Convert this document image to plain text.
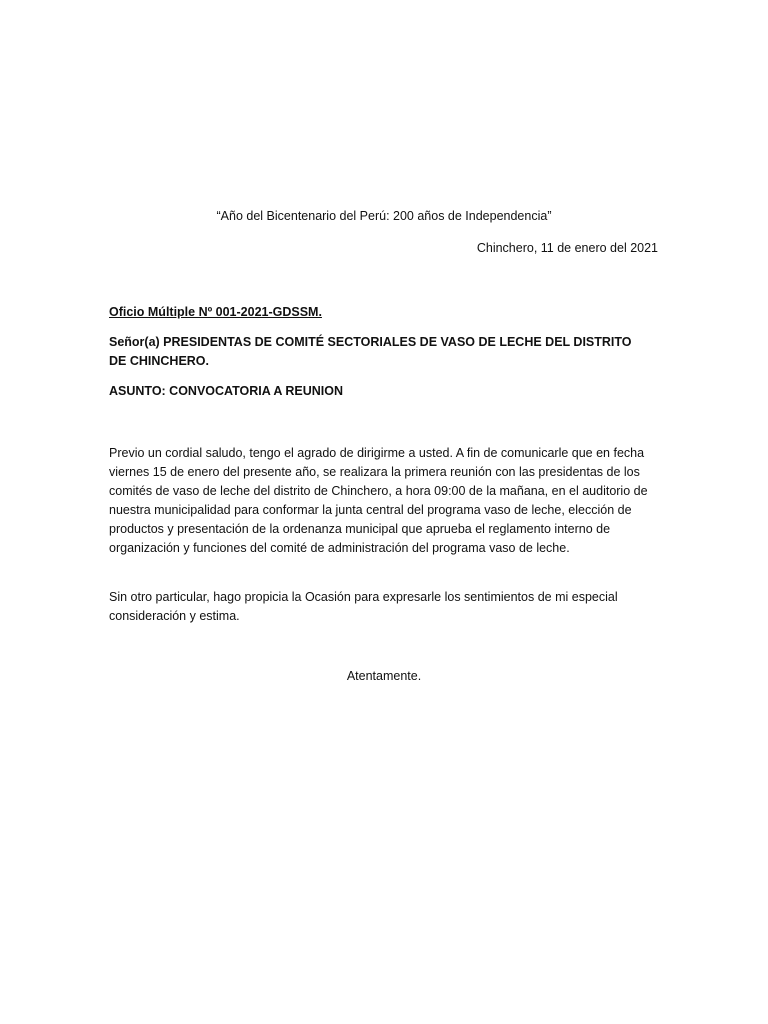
“Año del Bicentenario del Perú: 200 años de Independencia”
Chinchero, 11 de enero del 2021
Oficio Múltiple Nº 001-2021-GDSSM.
Señor(a) PRESIDENTAS DE COMITÉ SECTORIALES DE VASO DE LECHE DEL DISTRITO DE CHINCHERO.
ASUNTO: CONVOCATORIA A REUNION
Previo un cordial saludo, tengo el agrado de dirigirme a usted. A fin de comunicarle que en fecha viernes 15 de enero del presente año, se realizara la primera reunión con las presidentas de los comités de vaso de leche del distrito de Chinchero, a hora 09:00 de la mañana, en el auditorio de nuestra municipalidad para conformar la junta central del programa vaso de leche, elección de productos y presentación de la ordenanza municipal que aprueba el reglamento interno de organización y funciones del comité de administración del programa vaso de leche.
Sin otro particular, hago propicia la Ocasión para expresarle los sentimientos de mi especial consideración y estima.
Atentamente.
